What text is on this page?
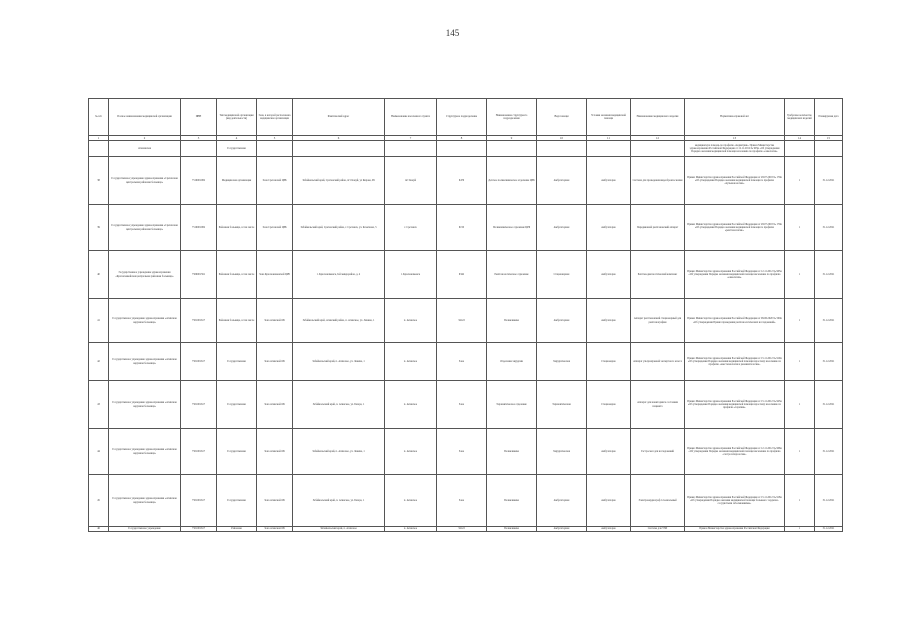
145
№ п/п	Полное наименование медицинской организации	ИНН	Тип медицинской организации (вид деятельности)	Зона, в которой расположена медицинская организация	Фактический адрес	Наименование населенного пункта	Структурное подразделение	Наименование структурного подразделения	Вид помощи	Условия оказания медицинской помощи	Наименование медицинского изделия	Нормативно-правовой акт	Требуемое количество медицинских изделий	Планируемая дата
1	2	3	4	5	6	7	8	9	10	11	12	13	14	15
	Атаманская		Государственная									медицинскую помощь по профилю «педиатрия». Приказ Министерства здравоохранения Российской Федерации от 12.11.2012 № 905н «Об утверждении Порядка оказания медицинской помощи населению по профилю «онкология».		
38	Государственное учреждение здравоохранения «Сретенская центральная районная больница»	7519001082	Медицинская организация	Зона Сретенской ЦРБ	Забайкальский край, Сретенский район, пгт Кокуй, ул Кирова, 99	пгт Кокуй	6476	Детское поликлиническое отделение ЦРБ	Амбулаторная	Амбулаторно	Система для проведения видеобронхоскопии	Приказ Министерства здравоохранения Российской Федерации от 28.07.2018 № 179н «Об утверждении Порядка оказания медицинской помощи по профилю «пульмонология».	1	31.12.2021
39	Государственное учреждение здравоохранения «Сретенская центральная районная больница»	7519001082	Районная больница, в том числе	Зона Сретенской ЦРБ	Забайкальский край, Сретенский район, г. Сретенск, ул. Кочеткова, 5	г. Сретенск	6150	Поликлиническое отделение ЦРБ	Амбулаторная	Амбулаторно	Передвижной рентгеновский аппарат	Приказ Министерства здравоохранения Российской Федерации от 28.07.2018 № 179н «Об утверждении Порядка оказания медицинской помощи по профилю «рентгенология».	1	31.12.2021
40	Государственное учреждение здравоохранения «Красночикойская центральная районная больница»	7509001591	Районная больница, в том числе	Зона Краснокаменской ЦРБ	г. Краснокаменск, 6-й микрорайон, д. 4	г. Краснокаменск	6342	Рентгенологическое отделение	Стационарная	Амбулаторно	Рентген-диагностический комплекс	Приказ Министерства здравоохранения Российской Федерации от 12.11.2012 № 905н «Об утверждении Порядка оказания медицинской помощи населению по профилю «онкология».	1	31.12.2021
41	Государственное учреждение здравоохранения «Агинская окружная больница»	7501001617	Районная больница, в том числе	Зона Агинской ОБ	Забайкальский край, Агинский район, п. Агинское, ул. Ленина, 1	п. Агинское	34122	Поликлиника	Амбулаторная	Амбулаторно	Аппарат рентгеновский стационарный для рентгенографии	Приказ Министерства здравоохранения Российской Федерации от 09.06.2020 № 560н «Об утверждении Правил проведения рентгенологических исследований».	1	31.12.2021
42	Государственное учреждение здравоохранения «Агинская окружная больница»	7501001617	Государственная	Зона Агинской ОБ	Забайкальский край, п. Агинское, ул. Ленина, 1	п. Агинское	Зона	Отделение хирургии	Хирургическая	Стационарно	Аппарат ультразвуковой экспертного класса	Приказ Министерства здравоохранения Российской Федерации от 15.11.2012 № 919н «Об утверждении Порядка оказания медицинской помощи взрослому населению по профилю «анестезиология и реаниматология».	1	31.12.2021
43	Государственное учреждение здравоохранения «Агинская окружная больница»	7501001617	Государственная	Зона Агинской ОБ	Забайкальский край, п. Агинское, ул. Базара, 1	п. Агинское	Зона	Терапевтическое отделение	Терапевтическая	Стационарно	Аппарат для мониторинга состояния пациента	Приказ Министерства здравоохранения Российской Федерации от 15.11.2012 № 923н «Об утверждении Порядка оказания медицинской помощи взрослому населению по профилю «терапия».	1	31.12.2021
44	Государственное учреждение здравоохранения «Агинская окружная больница»	7501001617	Государственная	Зона Агинской ОБ	Забайкальский край, п. Агинское, ул. Ленина, 1	п. Агинское	Зона	Поликлиника	Хирургическая	Амбулаторно	Гастроскоп для исследований	Приказ Министерства здравоохранения Российской Федерации от 12.11.2012 № 906н «Об утверждении Порядка оказания медицинской помощи населению по профилю «гастроэнтерология».	1	31.12.2021
45	Государственное учреждение здравоохранения «Агинская окружная больница»	7501001617	Государственная	Зона Агинской ОБ	Забайкальский край, п. Агинское, ул. Базара, 1	п. Агинское	Зона	Поликлиника	Амбулаторная	Амбулаторно	Электрокардиограф 12-канальный	Приказ Министерства здравоохранения Российской Федерации от 15.11.2012 № 918н «Об утверждении Порядка оказания медицинской помощи больным с сердечно-сосудистыми заболеваниями».	1	31.12.2021
46	Государственное учреждение	7501001617	Районная	Зона Агинской ОБ	Забайкальский край, п. Агинское	п. Агинское	34122	Поликлиника	Амбулаторная	Амбулаторно	Система для УЗИ	Приказ Министерства здравоохранения Российской Федерации	1	31.12.2021
